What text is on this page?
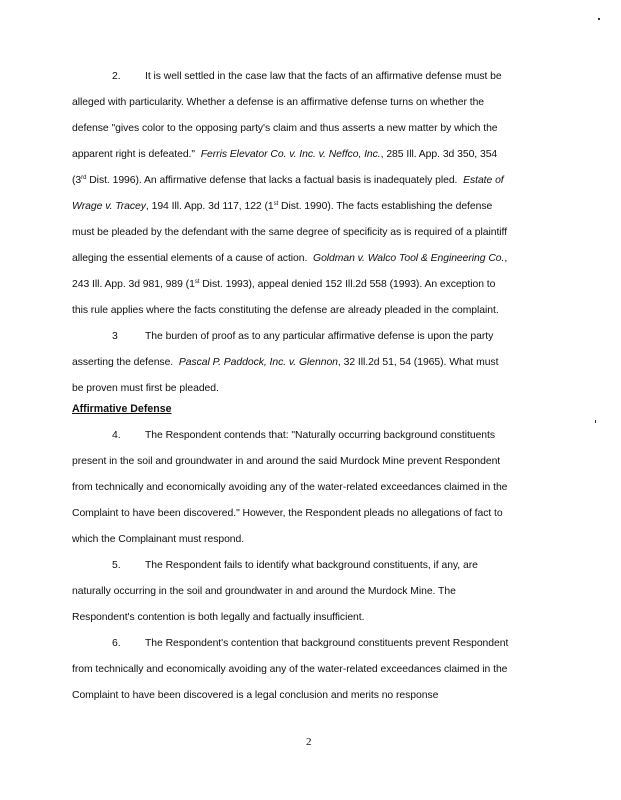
2. It is well settled in the case law that the facts of an affirmative defense must be
alleged with particularity. Whether a defense is an affirmative defense turns on whether the
defense "gives color to the opposing party's claim and thus asserts a new matter by which the
apparent right is defeated." Ferris Elevator Co. v. Inc. v. Neffco, Inc., 285 Ill. App. 3d 350, 354
(3rd Dist. 1996). An affirmative defense that lacks a factual basis is inadequately pled. Estate of
Wrage v. Tracey, 194 Ill. App. 3d 117, 122 (1st Dist. 1990). The facts establishing the defense
must be pleaded by the defendant with the same degree of specificity as is required of a plaintiff
alleging the essential elements of a cause of action. Goldman v. Walco Tool & Engineering Co.,
243 Ill. App. 3d 981, 989 (1st Dist. 1993), appeal denied 152 Ill.2d 558 (1993). An exception to
this rule applies where the facts constituting the defense are already pleaded in the complaint.
3	The burden of proof as to any particular affirmative defense is upon the party
asserting the defense. Pascal P. Paddock, Inc. v. Glennon, 32 Ill.2d 51, 54 (1965). What must
be proven must first be pleaded.
Affirmative Defense
4. The Respondent contends that: "Naturally occurring background constituents
present in the soil and groundwater in and around the said Murdock Mine prevent Respondent
from technically and economically avoiding any of the water-related exceedances claimed in the
Complaint to have been discovered." However, the Respondent pleads no allegations of fact to
which the Complainant must respond.
5. The Respondent fails to identify what background constituents, if any, are
naturally occurring in the soil and groundwater in and around the Murdock Mine. The
Respondent's contention is both legally and factually insufficient.
6. The Respondent's contention that background constituents prevent Respondent
from technically and economically avoiding any of the water-related exceedances claimed in the
Complaint to have been discovered is a legal conclusion and merits no response
2
